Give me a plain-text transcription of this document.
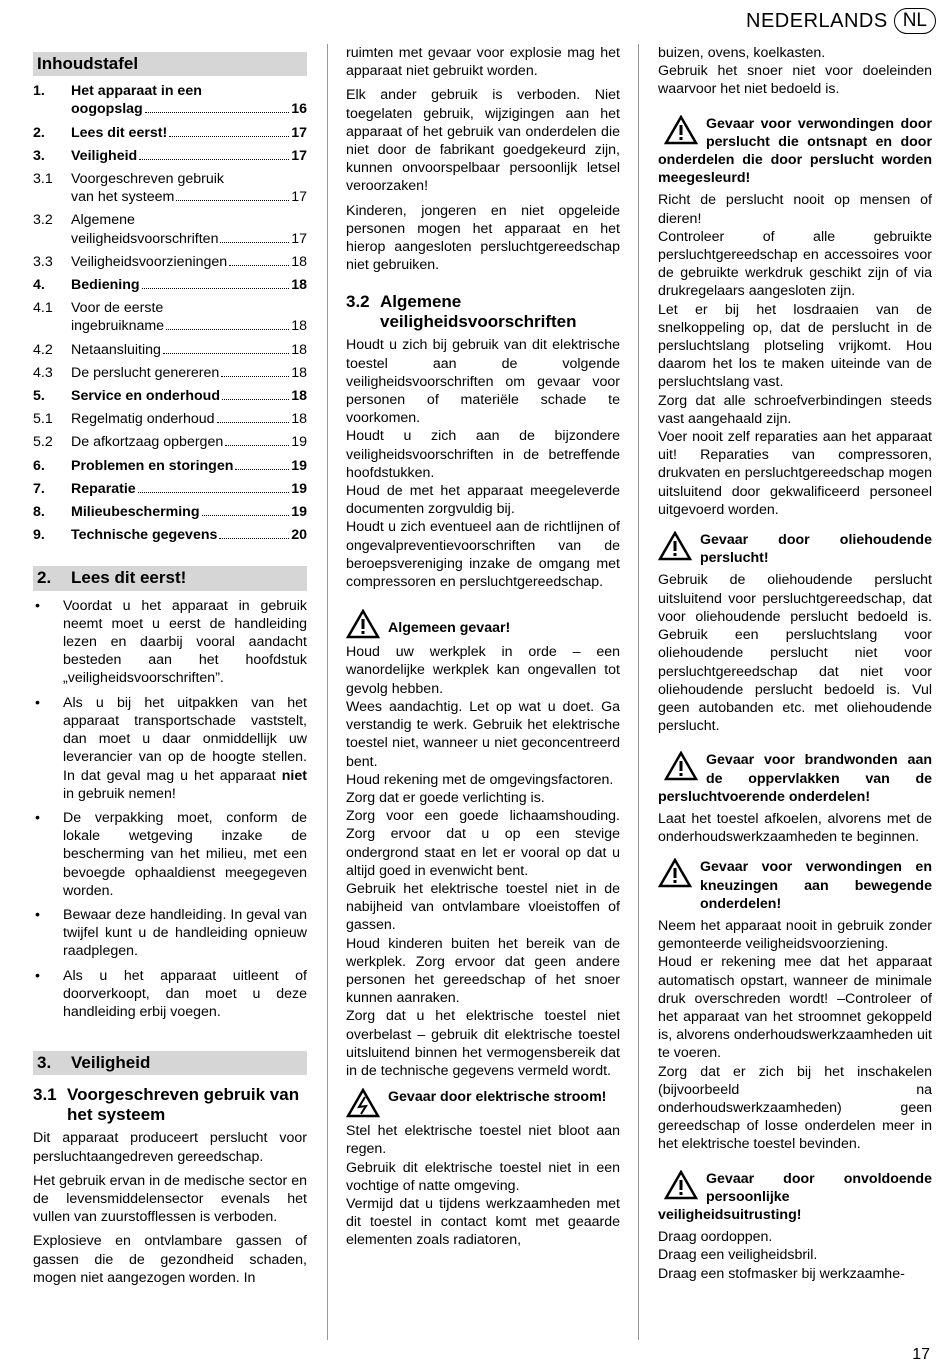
NEDERLANDS NL
Inhoudstafel
1.	Het apparaat in een
oogopslag	16
2.	Lees dit eerst!	17
3.	Veiligheid	17
3.1	Voorgeschreven gebruik
van het systeem	17
3.2	Algemene
veiligheidsvoorschriften	17
3.3	Veiligheidsvoorzieningen	18
4.	Bediening	18
4.1	Voor de eerste
ingebruikname	18
4.2	Netaansluiting	18
4.3	De perslucht genereren	18
5.	Service en onderhoud	18
5.1	Regelmatig onderhoud	18
5.2	De afkortzaag opbergen	19
6.	Problemen en storingen	19
7.	Reparatie	19
8.	Milieubescherming	19
9.	Technische gegevens	20
2. Lees dit eerst!
•	Voordat u het apparaat in gebruik neemt moet u eerst de handleiding lezen en daarbij vooral aandacht besteden aan het hoofdstuk „veiligheidsvoorschriften”.
•	Als u bij het uitpakken van het apparaat transportschade vaststelt, dan moet u daar onmiddellijk uw leverancier van op de hoogte stellen. In dat geval mag u het apparaat niet in gebruik nemen!
•	De verpakking moet, conform de lokale wetgeving inzake de bescherming van het milieu, met een bevoegde ophaaldienst meegegeven worden.
•	Bewaar deze handleiding. In geval van twijfel kunt u de handleiding opnieuw raadplegen.
•	Als u het apparaat uitleent of doorverkoopt, dan moet u deze handleiding erbij voegen.
3. Veiligheid
3.1 Voorgeschreven gebruik van het systeem

Dit apparaat produceert perslucht voor persluchtaangedreven gereedschap.

Het gebruik ervan in de medische sector en de levensmiddelensector evenals het vullen van zuurstofflessen is verboden.

Explosieve en ontvlambare gassen of gassen die de gezondheid schaden, mogen niet aangezogen worden. In

ruimten met gevaar voor explosie mag het apparaat niet gebruikt worden.

Elk ander gebruik is verboden. Niet toegelaten gebruik, wijzigingen aan het apparaat of het gebruik van onderdelen die niet door de fabrikant goedgekeurd zijn, kunnen onvoorspelbaar persoonlijk letsel veroorzaken!

Kinderen, jongeren en niet opgeleide personen mogen het apparaat en het hierop aangesloten persluchtgereedschap niet gebruiken.

3.2 Algemene veiligheidsvoorschriften

Houdt u zich bij gebruik van dit elektrische toestel aan de volgende veiligheidsvoorschriften om gevaar voor personen of materiële schade te voorkomen.

Houdt u zich aan de bijzondere veiligheidsvoorschriften in de betreffende hoofdstukken.

Houd de met het apparaat meegeleverde documenten zorgvuldig bij.

Houdt u zich eventueel aan de richtlijnen of ongevalpreventievoorschriften van de beroepsvereniging inzake de omgang met compressoren en persluchtgereedschap.

Algemeen gevaar!

Houd uw werkplek in orde – een wanordelijke werkplek kan ongevallen tot gevolg hebben.

Wees aandachtig. Let op wat u doet. Ga verstandig te werk. Gebruik het elektrische toestel niet, wanneer u niet geconcentreerd bent.

Houd rekening met de omgevingsfactoren.

Zorg dat er goede verlichting is.

Zorg voor een goede lichaamshouding. Zorg ervoor dat u op een stevige ondergrond staat en let er vooral op dat u altijd goed in evenwicht bent.

Gebruik het elektrische toestel niet in de nabijheid van ontvlambare vloeistoffen of gassen.

Houd kinderen buiten het bereik van de werkplek. Zorg ervoor dat geen andere personen het gereedschap of het snoer kunnen aanraken.

Zorg dat u het elektrische toestel niet overbelast – gebruik dit elektrische toestel uitsluitend binnen het vermogensbereik dat in de technische gegevens vermeld wordt.

Gevaar door elektrische stroom!

Stel het elektrische toestel niet bloot aan regen.

Gebruik dit elektrische toestel niet in een vochtige of natte omgeving.

Vermijd dat u tijdens werkzaamheden met dit toestel in contact komt met geaarde elementen zoals radiatoren,

buizen, ovens, koelkasten.

Gebruik het snoer niet voor doeleinden waarvoor het niet bedoeld is.

Gevaar voor verwondingen door perslucht die ontsnapt en door onderdelen die door perslucht worden meegesleurd!

Richt de perslucht nooit op mensen of dieren!

Controleer of alle gebruikte persluchtgereedschap en accessoires voor de gebruikte werkdruk geschikt zijn of via drukregelaars aangesloten zijn.

Let er bij het losdraaien van de snelkoppeling op, dat de perslucht in de persluchtslang plotseling vrijkomt. Hou daarom het los te maken uiteinde van de persluchtslang vast.

Zorg dat alle schroefverbindingen steeds vast aangehaald zijn.

Voer nooit zelf reparaties aan het apparaat uit! Reparaties van compressoren, drukvaten en persluchtgereedschap mogen uitsluitend door gekwalificeerd personeel uitgevoerd worden.

Gevaar door oliehoudende perslucht!

Gebruik de oliehoudende perslucht uitsluitend voor persluchtgereedschap, dat voor oliehoudende perslucht bedoeld is. Gebruik een persluchtslang voor oliehoudende perslucht niet voor persluchtgereedschap dat niet voor oliehoudende perslucht bedoeld is. Vul geen autobanden etc. met oliehoudende perslucht.

Gevaar voor brandwonden aan de oppervlakken van de persluchtvoerende onderdelen!

Laat het toestel afkoelen, alvorens met de onderhoudswerkzaamheden te beginnen.

Gevaar voor verwondingen en kneuzingen aan bewegende onderdelen!

Neem het apparaat nooit in gebruik zonder gemonteerde veiligheidsvoorziening.

Houd er rekening mee dat het apparaat automatisch opstart, wanneer de minimale druk overschreden wordt! –Controleer of het apparaat van het stroomnet gekoppeld is, alvorens onderhoudswerkzaamheden uit te voeren.

Zorg dat er zich bij het inschakelen (bijvoorbeeld na onderhoudswerkzaamheden) geen gereedschap of losse onderdelen meer in het elektrische toestel bevinden.

Gevaar door onvoldoende persoonlijke veiligheidsuitrusting!

Draag oordoppen.

Draag een veiligheidsbril.

Draag een stofmasker bij werkzaamhe-

17
